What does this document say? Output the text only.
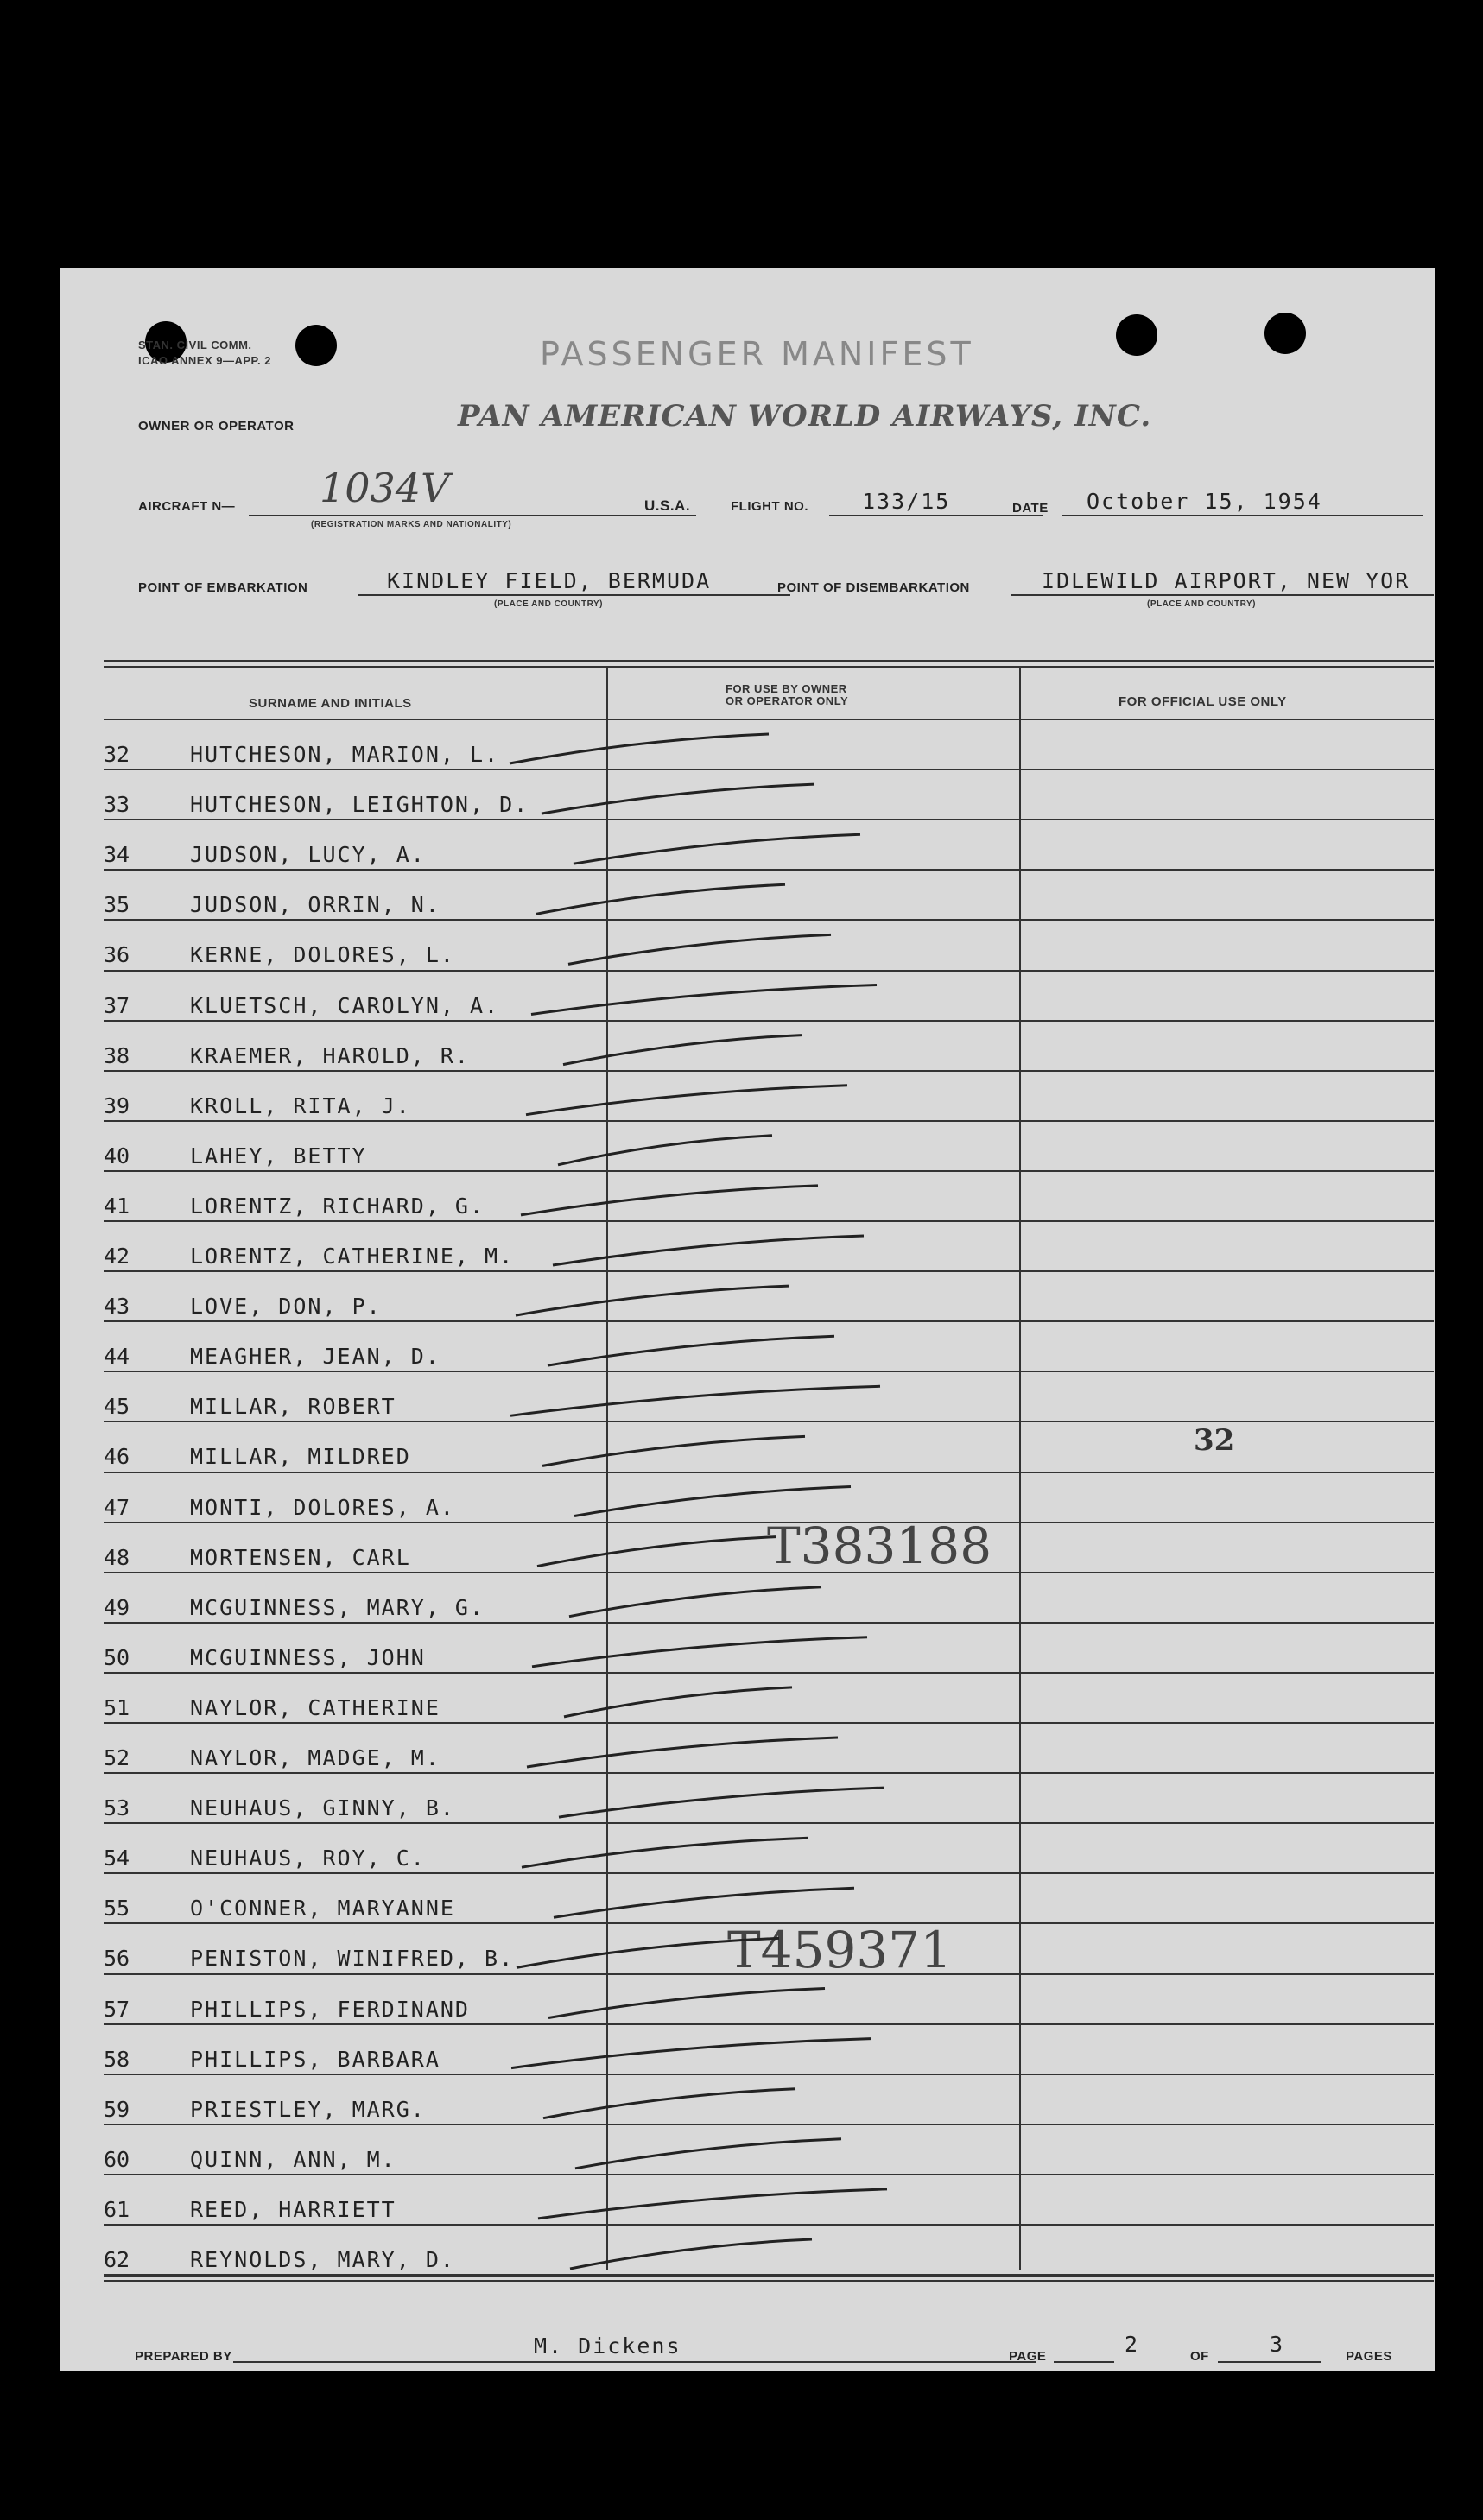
STAN. CIVIL COMM.
ICAO ANNEX 9—APP. 2	PASSENGER MANIFEST
OWNER OR OPERATOR	PAN AMERICAN WORLD AIRWAYS, INC.
AIRCRAFT N— 1034V
(REGISTRATION MARKS AND NATIONALITY)
U.S.A.	FLIGHT NO. 133/15	DATE October 15, 1954
POINT OF EMBARKATION	KINDLEY FIELD, BERMUDA
(PLACE AND COUNTRY)
POINT OF DISEMBARKATION	IDLEWILD AIRPORT, NEW YOR
(PLACE AND COUNTRY)
SURNAME AND INITIALS
FOR USE BY OWNER
OR OPERATOR ONLY	FOR OFFICIAL USE ONLY
32	HUTCHESON, MARION, L.
33	HUTCHESON, LEIGHTON, D.
34	JUDSON, LUCY, A.
35	JUDSON, ORRIN, N.
36	KERNE, DOLORES, L.
37	KLUETSCH, CAROLYN, A.
38	KRAEMER, HAROLD, R.
39	KROLL, RITA, J.
40	LAHEY, BETTY
41	LORENTZ, RICHARD, G.
42	LORENTZ, CATHERINE, M.
43	LOVE, DON, P.
44	MEAGHER, JEAN, D.
45	MILLAR, ROBERT
46	MILLAR, MILDRED
47	MONTI, DOLORES, A.
48	MORTENSEN, CARL
49	MCGUINNESS, MARY, G.
50	MCGUINNESS, JOHN
51	NAYLOR, CATHERINE
52	NAYLOR, MADGE, M.
53	NEUHAUS, GINNY, B.
54	NEUHAUS, ROY, C.
55	O'CONNER, MARYANNE
56	PENISTON, WINIFRED, B.
57	PHILLIPS, FERDINAND
58	PHILLIPS, BARBARA
59	PRIESTLEY, MARG.
60	QUINN, ANN, M.
61	REED, HARRIETT
62	REYNOLDS, MARY, D.
32
T383188
T459371
PREPARED BY	M. Dickens	PAGE	2	OF	3	PAGES
